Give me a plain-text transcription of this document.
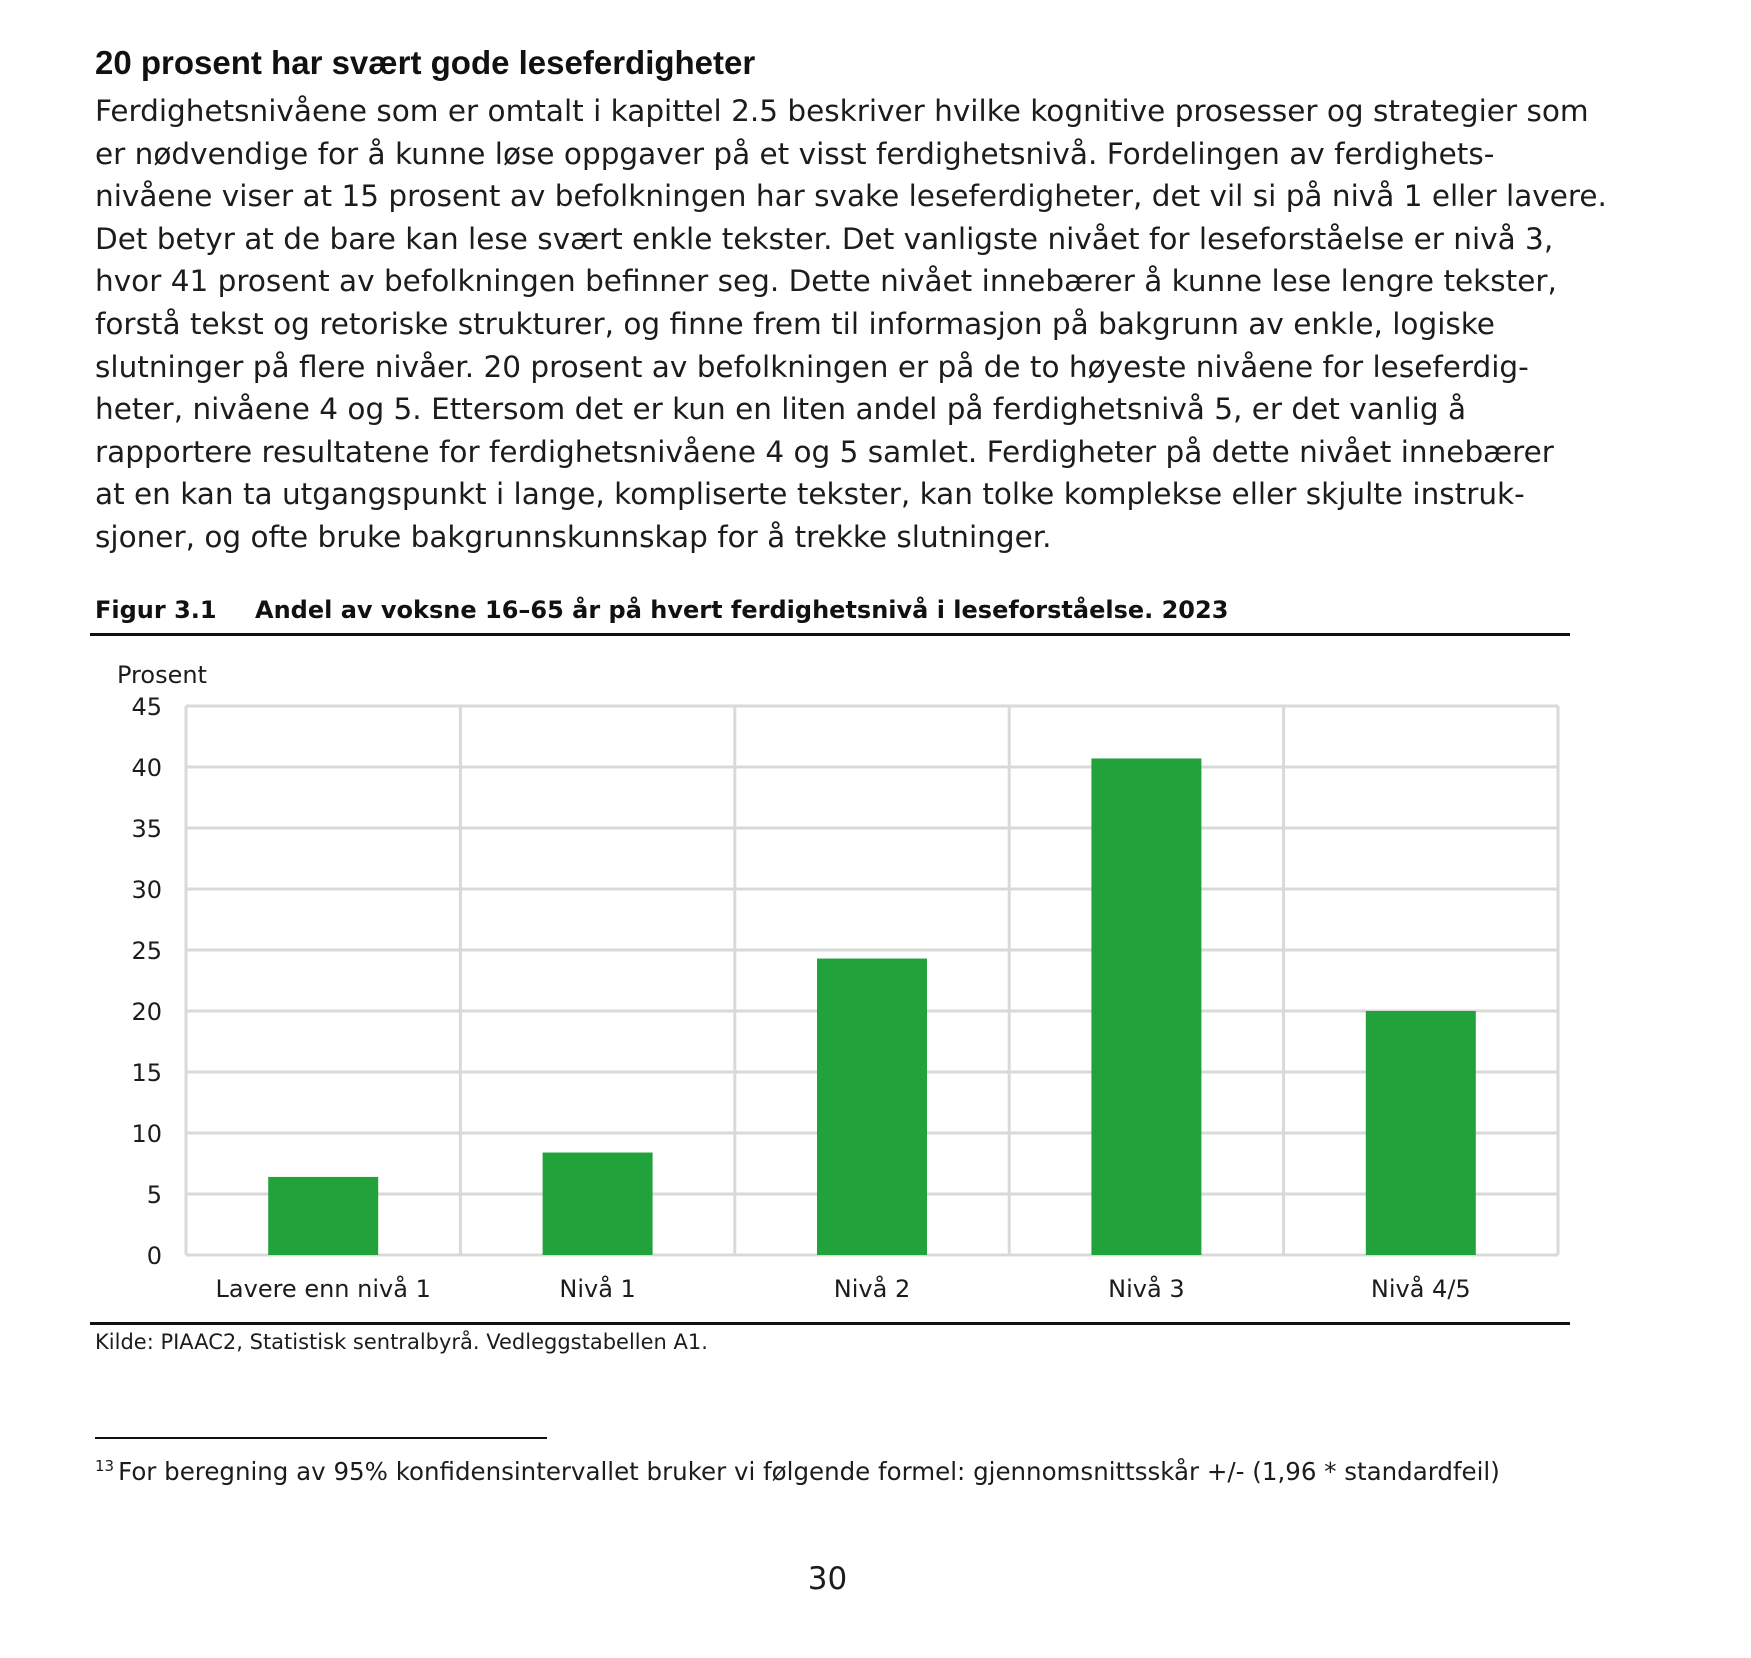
20 prosent har svært gode leseferdigheter
Ferdighetsnivåene som er omtalt i kapittel 2.5 beskriver hvilke kognitive prosesser og strategier som
er nødvendige for å kunne løse oppgaver på et visst ferdighetsnivå. Fordelingen av ferdighets-
nivåene viser at 15 prosent av befolkningen har svake leseferdigheter, det vil si på nivå 1 eller lavere.
Det betyr at de bare kan lese svært enkle tekster. Det vanligste nivået for leseforståelse er nivå 3,
hvor 41 prosent av befolkningen befinner seg. Dette nivået innebærer å kunne lese lengre tekster,
forstå tekst og retoriske strukturer, og finne frem til informasjon på bakgrunn av enkle, logiske
slutninger på flere nivåer. 20 prosent av befolkningen er på de to høyeste nivåene for leseferdig-
heter, nivåene 4 og 5. Ettersom det er kun en liten andel på ferdighetsnivå 5, er det vanlig å
rapportere resultatene for ferdighetsnivåene 4 og 5 samlet. Ferdigheter på dette nivået innebærer
at en kan ta utgangspunkt i lange, kompliserte tekster, kan tolke komplekse eller skjulte instruk-
sjoner, og ofte bruke bakgrunnskunnskap for å trekke slutninger.
Figur 3.1 Andel av voksne 16–65 år på hvert ferdighetsnivå i leseforståelse. 2023
0
5
10
15
20
25
30
35
40
45
Lavere enn nivå 1	Nivå 1	Nivå 2	Nivå 3	Nivå 4/5
Prosent
Kilde: PIAAC2, Statistisk sentralbyrå. Vedleggstabellen A1.
$^{13}$ For beregning av 95% konfidensintervallet bruker vi følgende formel: gjennomsnittsskår +/- (1,96 * standardfeil)
30
